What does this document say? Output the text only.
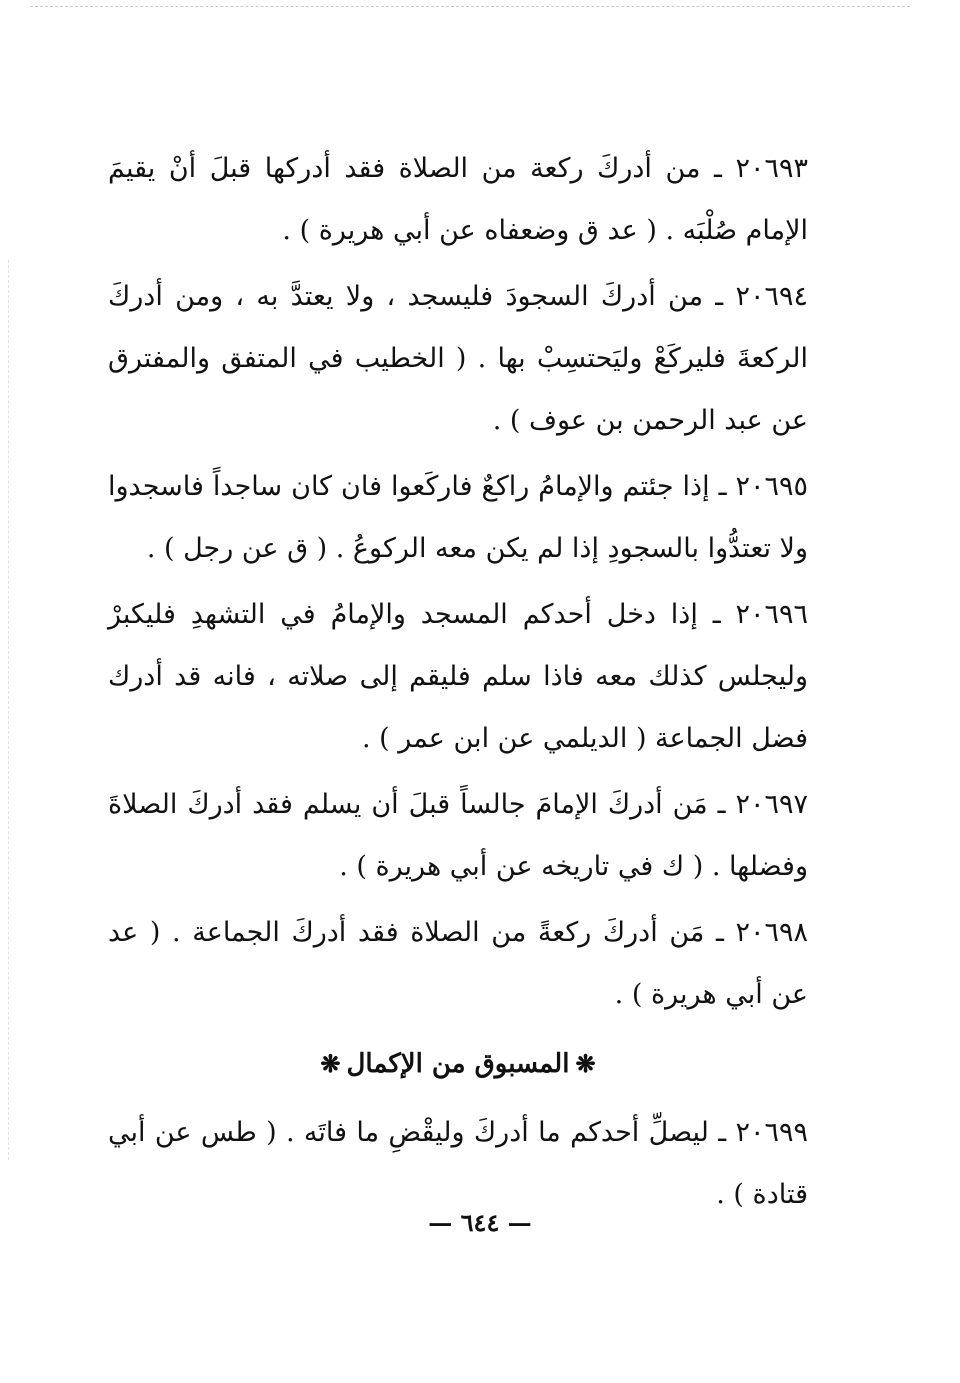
٢٠٦٩٣ ـ من أدركَ ركعة من الصلاة فقد أدركها قبلَ أنْ يقيمَ الإمام صُلْبَه . ( عد ق وضعفاه عن أبي هريرة ) .

٢٠٦٩٤ ـ من أدركَ السجودَ فليسجد ، ولا يعتدَّ به ، ومن أدركَ الركعةَ فليركَعْ وليَحتسِبْ بها . ( الخطيب في المتفق والمفترق عن عبد الرحمن بن عوف ) .

٢٠٦٩٥ ـ إذا جئتم والإمامُ راكعٌ فاركَعوا فان كان ساجداً فاسجدوا ولا تعتدُّوا بالسجودِ إذا لم يكن معه الركوعُ . ( ق عن رجل ) .

٢٠٦٩٦ ـ إذا دخل أحدكم المسجد والإمامُ في التشهدِ فليكبرْ وليجلس كذلك معه فاذا سلم فليقم إلى صلاته ، فانه قد أدرك فضل الجماعة ( الديلمي عن ابن عمر ) .

٢٠٦٩٧ ـ مَن أدركَ الإمامَ جالساً قبلَ أن يسلم فقد أدركَ الصلاةَ وفضلها . ( ك في تاريخه عن أبي هريرة ) .

٢٠٦٩٨ ـ مَن أدركَ ركعةً من الصلاة فقد أدركَ الجماعة . ( عد عن أبي هريرة ) .

❋المسبوق من الإكمال❋

٢٠٦٩٩ ـ ليصلِّ أحدكم ما أدركَ وليقْضِ ما فاتَه . ( طس عن أبي قتادة ) .

— ٦٤٤ —
